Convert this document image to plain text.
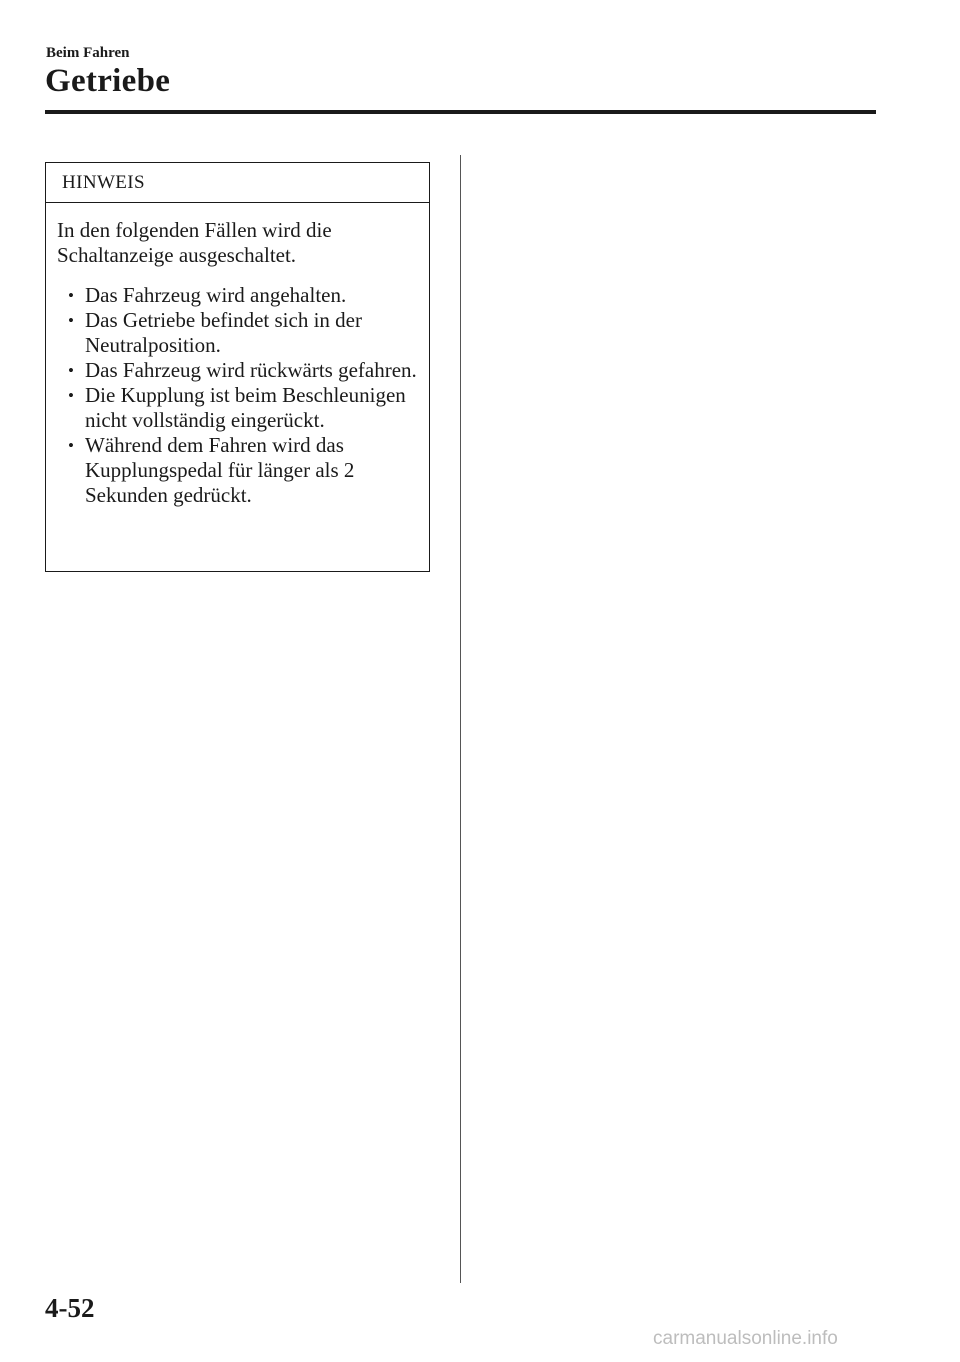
Beim Fahren
Getriebe
HINWEIS

In den folgenden Fällen wird die Schaltanzeige ausgeschaltet.

• Das Fahrzeug wird angehalten.
• Das Getriebe befindet sich in der Neutralposition.
• Das Fahrzeug wird rückwärts gefahren.
• Die Kupplung ist beim Beschleunigen nicht vollständig eingerückt.
• Während dem Fahren wird das Kupplungspedal für länger als 2 Sekunden gedrückt.
4-52
carmanualsonline.info
